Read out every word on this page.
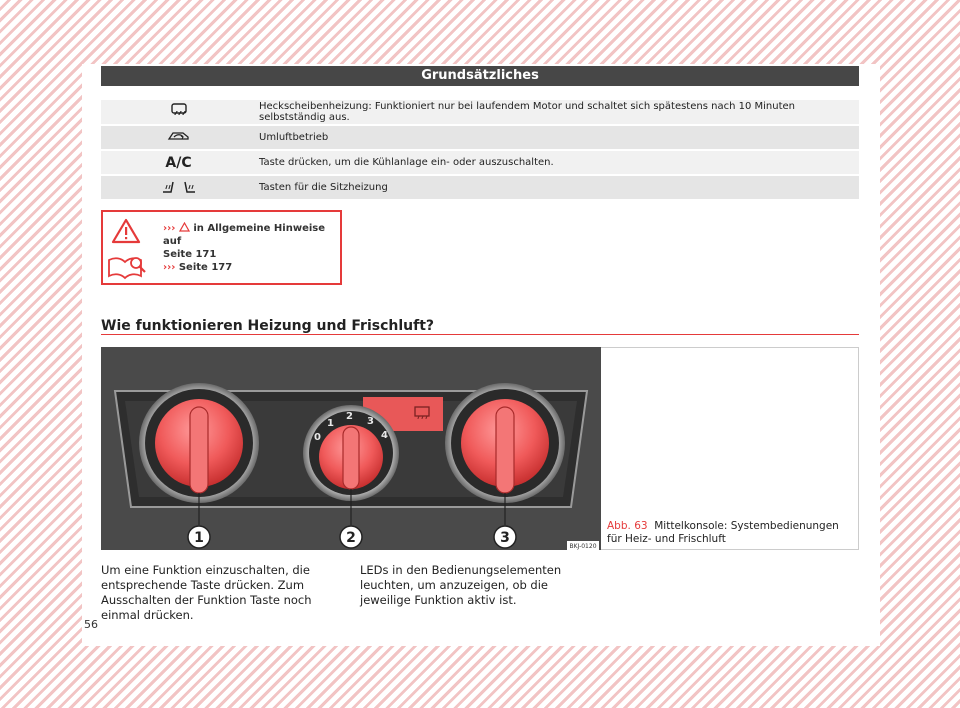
Grundsätzliches
	Heckscheibenheizung: Funktioniert nur bei laufendem Motor und schaltet sich spätestens nach 10 Minuten selbstständig aus.
	Umluftbetrieb
A/C	Taste drücken, um die Kühlanlage ein- oder auszuschalten.
	Tasten für die Sitzheizung
››› in Allgemeine Hinweise auf
Seite 171
››› Seite 177
Wie funktionieren Heizung und Frischluft?
0
1
2 3
4
1	2	3
BKJ-0120
Abb. 63 Mittelkonsole: Systembedienungen für Heiz- und Frischluft
Um eine Funktion einzuschalten, die entsprechende Taste drücken. Zum Ausschalten der Funktion Taste noch einmal drücken.
LEDs in den Bedienungselementen leuchten, um anzuzeigen, ob die jeweilige Funktion aktiv ist.
56
